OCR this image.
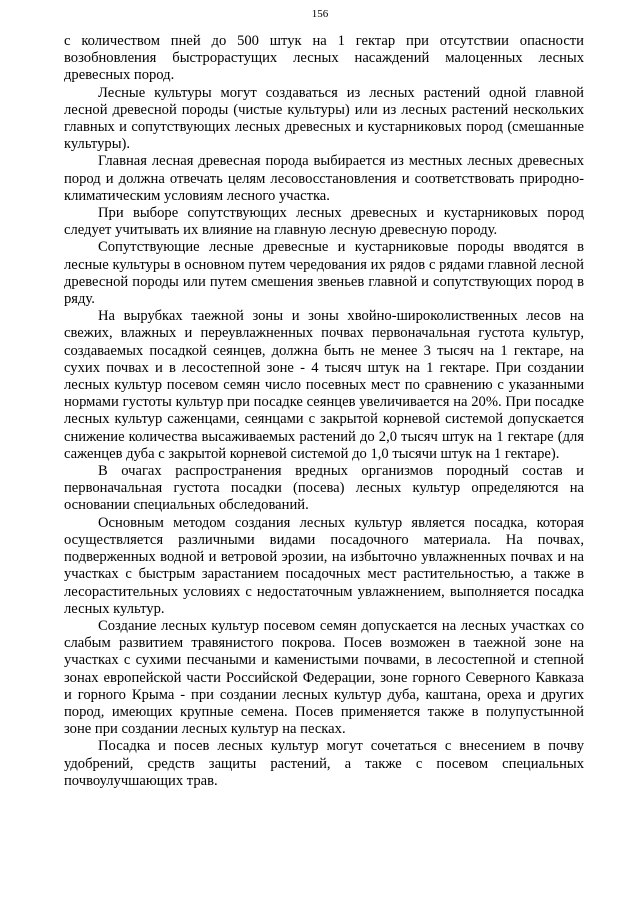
156

с количеством пней до 500 штук на 1 гектар при отсутствии опасности возобновления быстрорастущих лесных насаждений малоценных лесных древесных пород.

Лесные культуры могут создаваться из лесных растений одной главной лесной древесной породы (чистые культуры) или из лесных растений нескольких главных и сопутствующих лесных древесных и кустарниковых пород (смешанные культуры).

Главная лесная древесная порода выбирается из местных лесных древесных пород и должна отвечать целям лесовосстановления и соответствовать природно-климатическим условиям лесного участка.

При выборе сопутствующих лесных древесных и кустарниковых пород следует учитывать их влияние на главную лесную древесную породу.

Сопутствующие лесные древесные и кустарниковые породы вводятся в лесные культуры в основном путем чередования их рядов с рядами главной лесной древесной породы или путем смешения звеньев главной и сопутствующих пород в ряду.

На вырубках таежной зоны и зоны хвойно-широколиственных лесов на свежих, влажных и переувлажненных почвах первоначальная густота культур, создаваемых посадкой сеянцев, должна быть не менее 3 тысяч на 1 гектаре, на сухих почвах и в лесостепной зоне - 4 тысяч штук на 1 гектаре. При создании лесных культур посевом семян число посевных мест по сравнению с указанными нормами густоты культур при посадке сеянцев увеличивается на 20%. При посадке лесных культур саженцами, сеянцами с закрытой корневой системой допускается снижение количества высаживаемых растений до 2,0 тысяч штук на 1 гектаре (для саженцев дуба с закрытой корневой системой до 1,0 тысячи штук на 1 гектаре).

В очагах распространения вредных организмов породный состав и первоначальная густота посадки (посева) лесных культур определяются на основании специальных обследований.

Основным методом создания лесных культур является посадка, которая осуществляется различными видами посадочного материала. На почвах, подверженных водной и ветровой эрозии, на избыточно увлажненных почвах и на участках с быстрым зарастанием посадочных мест растительностью, а также в лесорастительных условиях с недостаточным увлажнением, выполняется посадка лесных культур.

Создание лесных культур посевом семян допускается на лесных участках со слабым развитием травянистого покрова. Посев возможен в таежной зоне на участках с сухими песчаными и каменистыми почвами, в лесостепной и степной зонах европейской части Российской Федерации, зоне горного Северного Кавказа и горного Крыма - при создании лесных культур дуба, каштана, ореха и других пород, имеющих крупные семена. Посев применяется также в полупустынной зоне при создании лесных культур на песках.

Посадка и посев лесных культур могут сочетаться с внесением в почву удобрений, средств защиты растений, а также с посевом специальных почвоулучшающих трав.
